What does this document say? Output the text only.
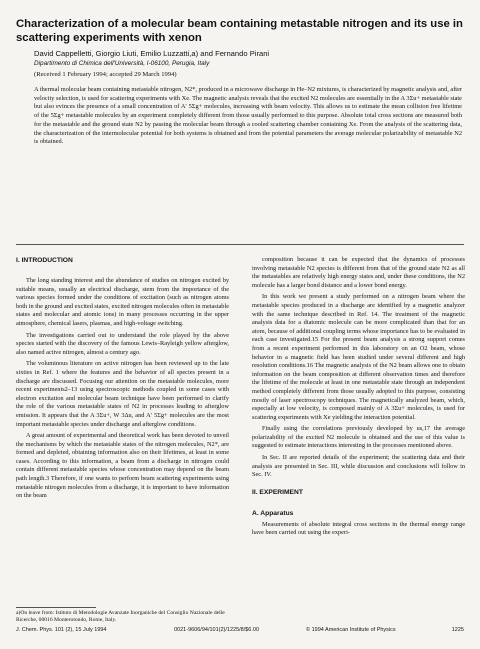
Characterization of a molecular beam containing metastable nitrogen and its use in scattering experiments with xenon
David Cappelletti, Giorgio Liuti, Emilio Luzzatti,a) and Fernando Pirani
Dipartimento di Chimica dell'Università, I-06100, Perugia, Italy
(Received 1 February 1994; accepted 29 March 1994)

A thermal molecular beam containing metastable nitrogen, N2*, produced in a microwave discharge in He–N2 mixtures, is characterized by magnetic analysis and, after velocity selection, is used for scattering experiments with Xe. The magnetic analysis reveals that the excited N2 molecules are essentially in the A 3Σu+ metastable state but also evinces the presence of a small concentration of A′ 5Σg+ molecules, increasing with beam velocity. This allows us to estimate the mean collision free lifetime of the 5Σg+ metastable molecules by an experiment completely different from those usually performed to this purpose. Absolute total cross sections are measured both for the metastable and the ground state N2 by passing the molecular beam through a cooled scattering chamber containing Xe. From the analysis of the scattering data, the characterization of the intermolecular potential for both systems is obtained and from the potential parameters the average molecular polarizability of metastable N2 is obtained.

I. INTRODUCTION

The long standing interest and the abundance of studies on nitrogen excited by suitable means, usually an electrical discharge, stem from the importance of the various species formed under the conditions of excitation (such as nitrogen atoms both in the ground and excited states, excited nitrogen molecules often in metastable states and molecular and atomic ions) in many processes occurring in the upper atmosphere, chemical lasers, plasmas, and high-voltage switching.

The investigations carried out to understand the role played by the above species started with the discovery of the famous Lewis–Rayleigh yellow afterglow, also named active nitrogen, almost a century ago.

The voluminous literature on active nitrogen has been reviewed up to the late sixties in Ref. 1 where the features and the behavior of all species present in a discharge are discussed. Focusing our attention on the metastable molecules, more recent experiments2–13 using spectroscopic methods coupled in some cases with electron excitation and molecular beam technique have been performed to clarify the role of the various metastable states of N2 in processes leading to afterglow emission. It appears that the A 3Σu+, W 3Δu, and A′ 5Σg+ molecules are the most important metastable species under discharge and afterglow conditions.

A great amount of experimental and theoretical work has been devoted to unveil the mechanisms by which the metastable states of the nitrogen molecules, N2*, are formed and depleted, obtaining information also on their lifetimes, at least in some cases. According to this information, a beam from a discharge in nitrogen could contain different metastable species whose concentration may depend on the beam path length.3 Therefore, if one wants to perform beam scattering experiments using metastable nitrogen molecules from a discharge, it is important to have information on the beam

composition because it can be expected that the dynamics of processes involving metastable N2 species is different from that of the ground state N2 as all the metastables are relatively high energy states and, under these conditions, the N2 molecule has a larger bond distance and a lower bond energy.

In this work we present a study performed on a nitrogen beam where the metastable species produced in a discharge are identified by a magnetic analyzer with the same technique described in Ref. 14. The treatment of the magnetic analysis data for a diatomic molecule can be more complicated than that for an atom, because of additional coupling terms whose importance has to be evaluated in each case investigated.15 For the present beam analysis a strong support comes from a recent experiment performed in this laboratory on an O2 beam, whose behavior in a magnetic field has been studied under several different and high resolution conditions.16 The magnetic analysis of the N2 beam allows one to obtain information on the beam composition at different observation times and therefore the lifetime of the molecule at least in one metastable state through an independent method completely different from those usually adopted to this purpose, consisting mostly of laser spectroscopy techniques. The magnetically analyzed beam, which, especially at low velocity, is composed mainly of A 3Σu+ molecules, is used for scattering experiments with Xe yielding the interaction potential.

Finally using the correlations previously developed by us,17 the average polarizability of the excited N2 molecule is obtained and the use of this value is suggested to estimate interactions interesting in the processes mentioned above.

In Sec. II are reported details of the experiment; the scattering data and their analysis are presented in Sec. III, while discussion and conclusions will follow in Sec. IV.

II. EXPERIMENT
A. Apparatus

Measurements of absolute integral cross sections in the thermal energy range have been carried out using the experi-

a)On leave from: Istituto di Metodologie Avanzate Inorganiche del Consiglio Nazionale delle Ricerche, 00016 Monterotondo, Rome, Italy.
J. Chem. Phys. 101 (2), 15 July 1994	0021-9606/94/101(2)/1225/8/$6.00	© 1994 American Institute of Physics	1225
